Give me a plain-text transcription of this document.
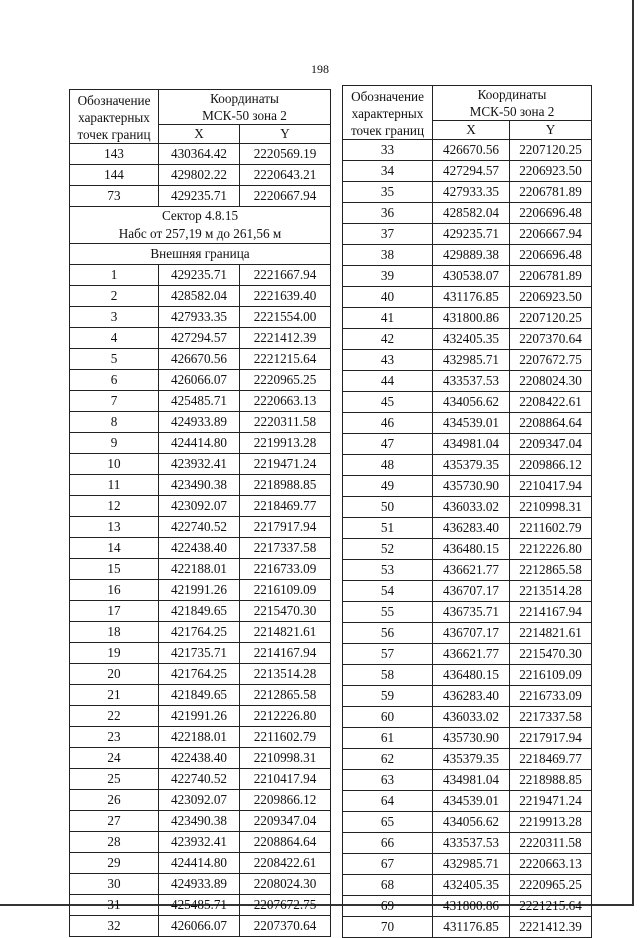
198
Обозначение
характерных
точек границ	Координаты
МСК-50 зона 2	
	X	Y
143	430364.42	2220569.19
144	429802.22	2220643.21
73	429235.71	2220667.94
Сектор 4.8.15
Набс от 257,19 м до 261,56 м		
Внешняя граница		
1	429235.71	2221667.94
2	428582.04	2221639.40
3	427933.35	2221554.00
4	427294.57	2221412.39
5	426670.56	2221215.64
6	426066.07	2220965.25
7	425485.71	2220663.13
8	424933.89	2220311.58
9	424414.80	2219913.28
10	423932.41	2219471.24
11	423490.38	2218988.85
12	423092.07	2218469.77
13	422740.52	2217917.94
14	422438.40	2217337.58
15	422188.01	2216733.09
16	421991.26	2216109.09
17	421849.65	2215470.30
18	421764.25	2214821.61
19	421735.71	2214167.94
20	421764.25	2213514.28
21	421849.65	2212865.58
22	421991.26	2212226.80
23	422188.01	2211602.79
24	422438.40	2210998.31
25	422740.52	2210417.94
26	423092.07	2209866.12
27	423490.38	2209347.04
28	423932.41	2208864.64
29	424414.80	2208422.61
30	424933.89	2208024.30
31	425485.71	2207672.75
32	426066.07	2207370.64
Обозначение
характерных
точек границ	Координаты
МСК-50 зона 2	
	X	Y
33	426670.56	2207120.25
34	427294.57	2206923.50
35	427933.35	2206781.89
36	428582.04	2206696.48
37	429235.71	2206667.94
38	429889.38	2206696.48
39	430538.07	2206781.89
40	431176.85	2206923.50
41	431800.86	2207120.25
42	432405.35	2207370.64
43	432985.71	2207672.75
44	433537.53	2208024.30
45	434056.62	2208422.61
46	434539.01	2208864.64
47	434981.04	2209347.04
48	435379.35	2209866.12
49	435730.90	2210417.94
50	436033.02	2210998.31
51	436283.40	2211602.79
52	436480.15	2212226.80
53	436621.77	2212865.58
54	436707.17	2213514.28
55	436735.71	2214167.94
56	436707.17	2214821.61
57	436621.77	2215470.30
58	436480.15	2216109.09
59	436283.40	2216733.09
60	436033.02	2217337.58
61	435730.90	2217917.94
62	435379.35	2218469.77
63	434981.04	2218988.85
64	434539.01	2219471.24
65	434056.62	2219913.28
66	433537.53	2220311.58
67	432985.71	2220663.13
68	432405.35	2220965.25
69	431800.86	2221215.64
70	431176.85	2221412.39
